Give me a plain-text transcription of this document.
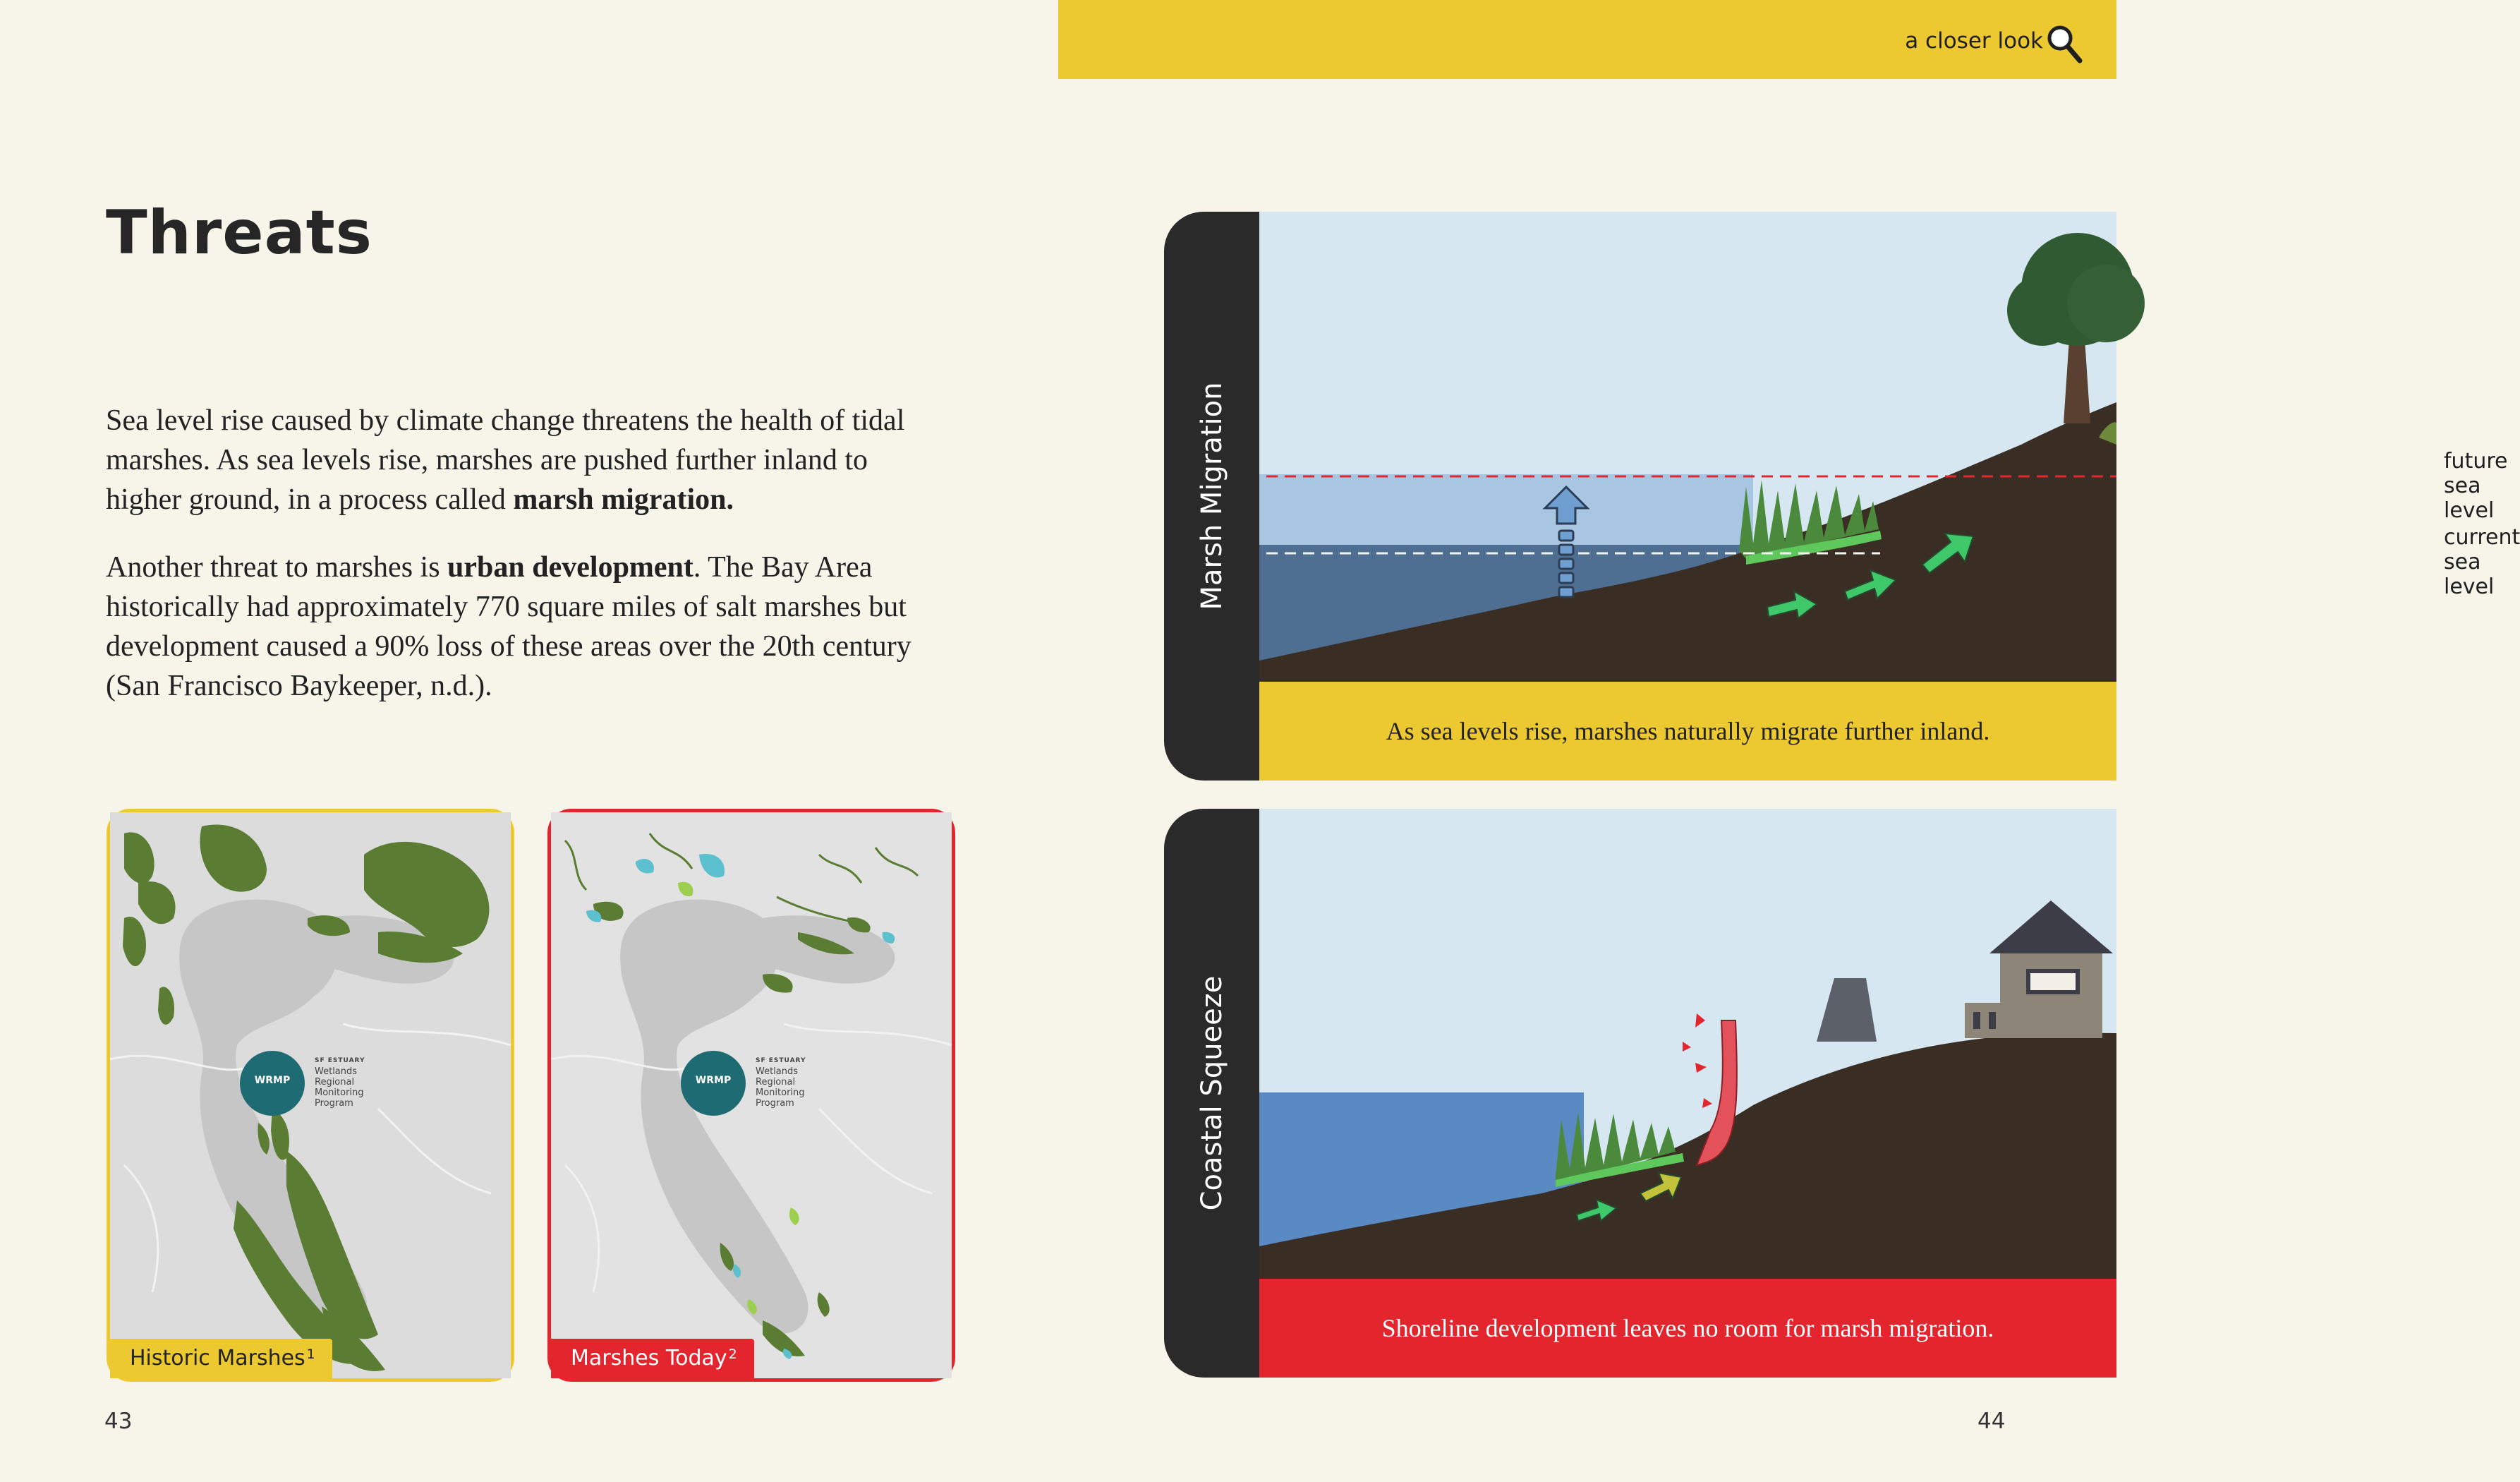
a closer look
Threats
Sea level rise caused by climate change threatens the health of tidal marshes. As sea levels rise, marshes are pushed further inland to higher ground, in a process called marsh migration.
Another threat to marshes is urban development. The Bay Area historically had approximately 770 square miles of salt marshes but development caused a 90% loss of these areas over the 20th century (San Francisco Baykeeper, n.d.).
WRMP
SF ESTUARY
Wetlands
Regional
Monitoring
Program
Historic Marshes $^1$
WRMP
SF ESTUARY
Wetlands
Regional
Monitoring
Program
Marshes Today $^2$
43
Marsh Migration	future sea level
current sea level
As sea levels rise, marshes naturally migrate further inland.
Coastal Squeeze
Shoreline development leaves no room for marsh migration.
44
